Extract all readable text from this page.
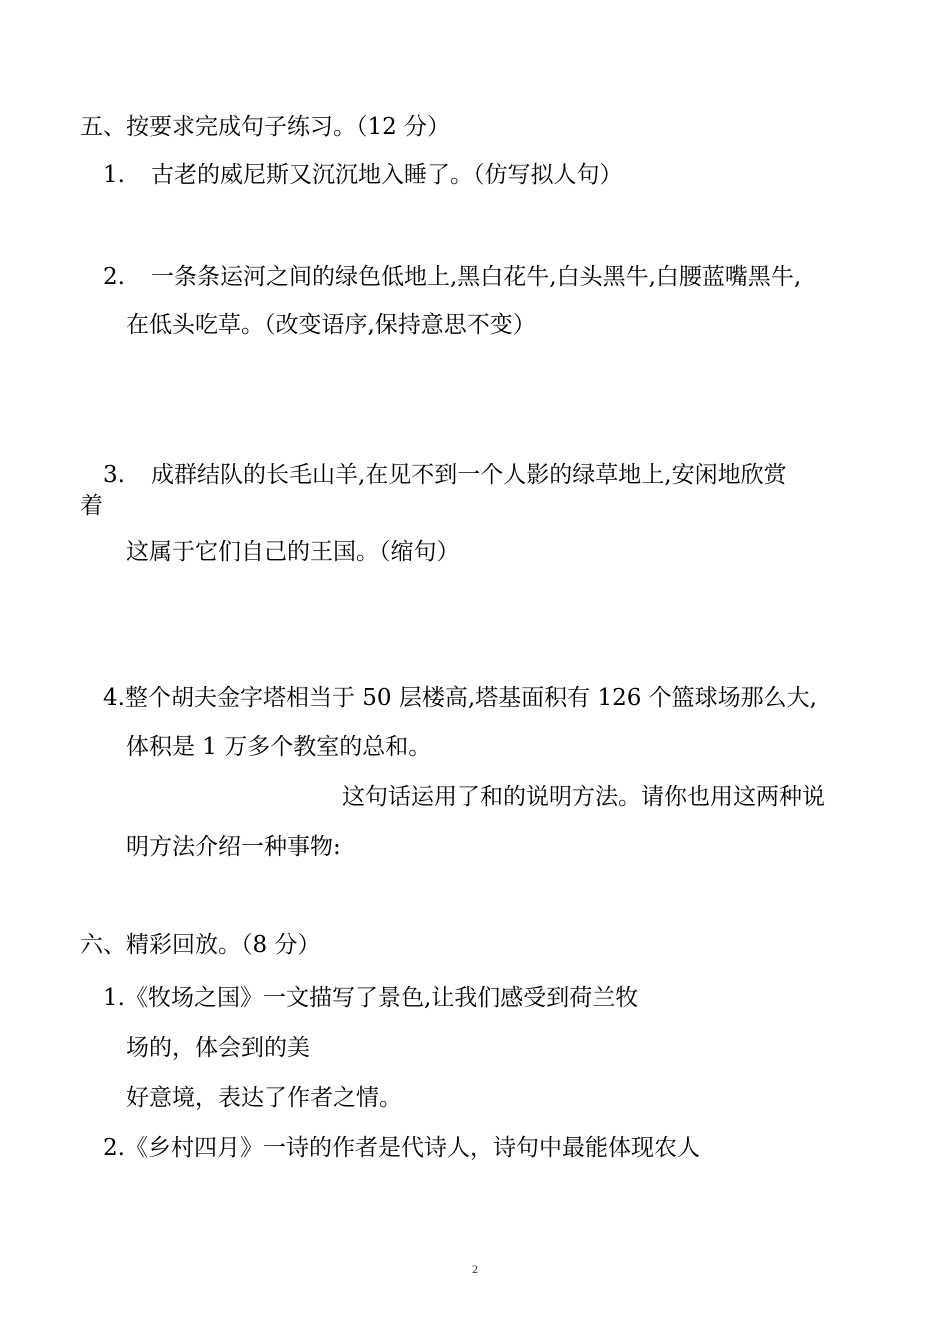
五、按要求完成句子练习。（12 分）
1. 古老的威尼斯又沉沉地入睡了。（仿写拟人句）
2. 一条条运河之间的绿色低地上,黑白花牛,白头黑牛,白腰蓝嘴黑牛,
在低头吃草。（改变语序,保持意思不变）
3. 成群结队的长毛山羊,在见不到一个人影的绿草地上,安闲地欣赏
着
这属于它们自己的王国。（缩句）
4.整个胡夫金字塔相当于 50 层楼高,塔基面积有 126 个篮球场那么大,
体积是 1 万多个教室的总和。
这句话运用了和的说明方法。请你也用这两种说
明方法介绍一种事物:
六、精彩回放。（8 分）
1.《牧场之国》一文描写了景色,让我们感受到荷兰牧
场的，体会到的美
好意境，表达了作者之情。
2.《乡村四月》一诗的作者是代诗人，诗句中最能体现农人
2
